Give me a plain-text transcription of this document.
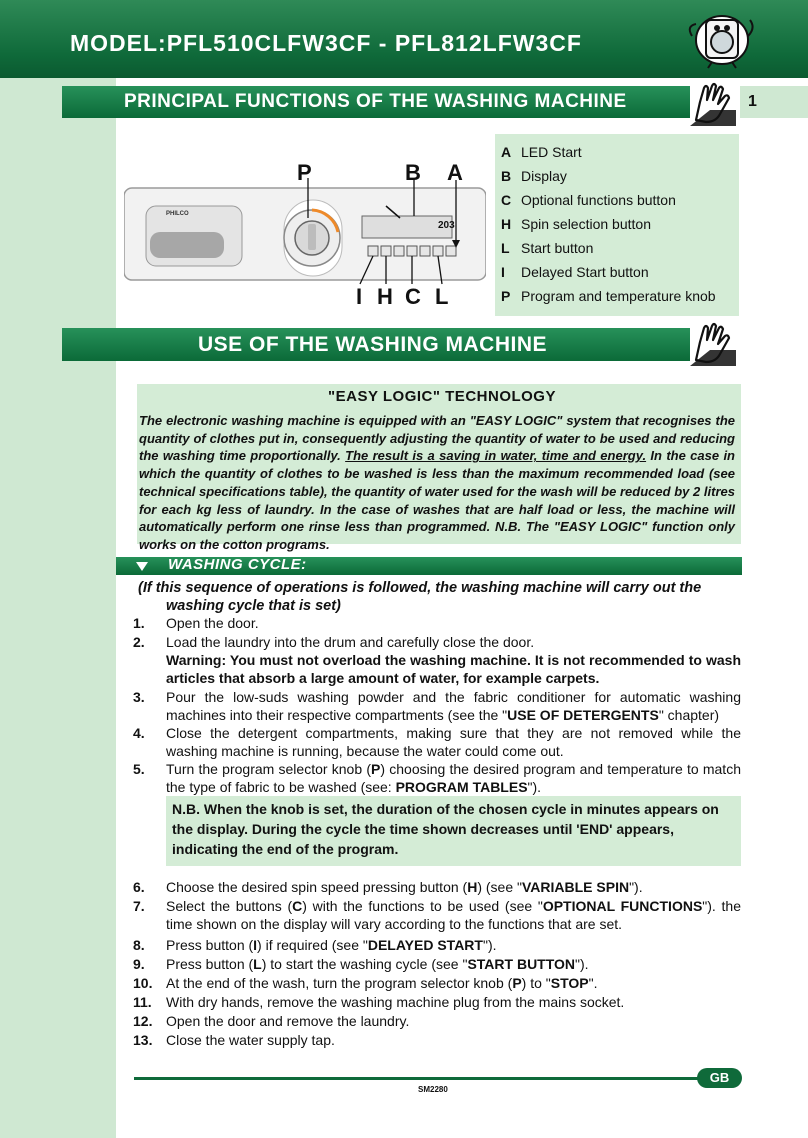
MODEL:PFL510CLFW3CF - PFL812LFW3CF
PRINCIPAL FUNCTIONS OF THE WASHING MACHINE	1
PHILCO
203
P	B A
I H C L
A LED Start
B Display
C Optional functions button
H Spin selection button
L Start button
I	Delayed Start button
P Program and temperature knob
USE OF THE WASHING MACHINE
"EASY LOGIC" TECHNOLOGY
The electronic washing machine is equipped with an "EASY LOGIC" system that recognises the quantity of clothes put in, consequently adjusting the quantity of water to be used and reducing the washing time proportionally. The result is a saving in water, time and energy. In the case in which the quantity of clothes to be washed is less than the maximum recommended load (see technical specifications table), the quantity of water used for the wash will be reduced by 2 litres for each kg less of laundry. In the case of washes that are half load or less, the machine will automatically perform one rinse less than programmed. N.B. The "EASY LOGIC" function only works on the cotton programs.
WASHING CYCLE:
(If this sequence of operations is followed, the washing machine will carry out the
washing cycle that is set)
1. Open the door.
2. Load the laundry into the drum and carefully close the door.
Warning: You must not overload the washing machine. It is not recommended to wash articles that absorb a large amount of water, for example carpets.
3. Pour the low-suds washing powder and the fabric conditioner for automatic washing machines into their respective compartments (see the "USE OF DETERGENTS" chapter)
4. Close the detergent compartments, making sure that they are not removed while the washing machine is running, because the water could come out.
5. Turn the program selector knob (P) choosing the desired program and temperature to match the type of fabric to be washed (see: PROGRAM TABLES").
N.B. When the knob is set, the duration of the chosen cycle in minutes appears on the display. During the cycle the time shown decreases until 'END' appears, indicating the end of the program.
6. Choose the desired spin speed pressing button (H) (see "VARIABLE SPIN").
7. Select the buttons (C) with the functions to be used (see "OPTIONAL FUNCTIONS"). the time shown on the display will vary according to the functions that are set.
8. Press button (I) if required (see "DELAYED START").
9. Press button (L) to start the washing cycle (see "START BUTTON").
10. At the end of the wash, turn the program selector knob (P) to "STOP".
11. With dry hands, remove the washing machine plug from the mains socket.
12. Open the door and remove the laundry.
13. Close the water supply tap.
SM2280
GB
